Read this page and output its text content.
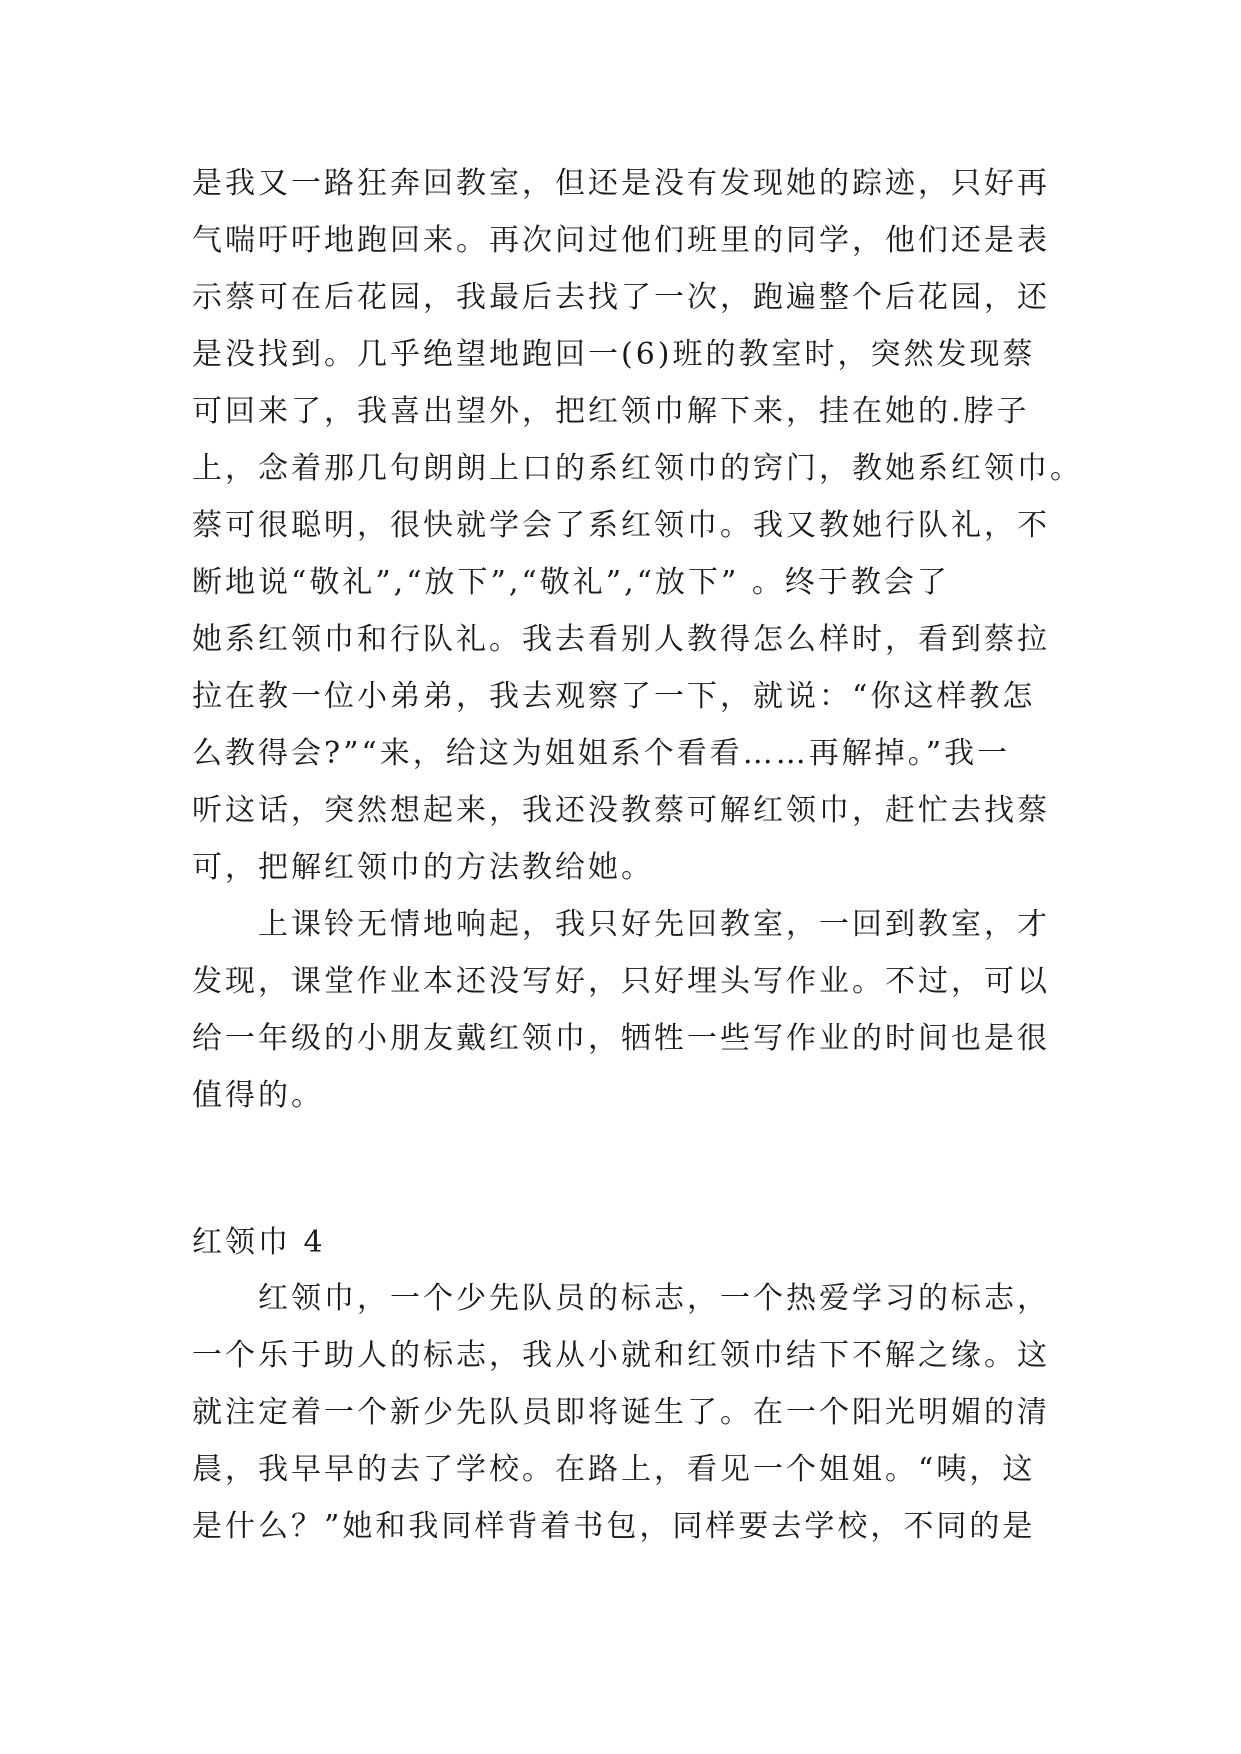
是我又一路狂奔回教室，但还是没有发现她的踪迹，只好再
气喘吁吁地跑回来。再次问过他们班里的同学，他们还是表
示蔡可在后花园，我最后去找了一次，跑遍整个后花园，还
是没找到。几乎绝望地跑回一(6)班的教室时，突然发现蔡
可回来了，我喜出望外，把红领巾解下来，挂在她的.脖子
上，念着那几句朗朗上口的系红领巾的窍门，教她系红领巾。
蔡可很聪明，很快就学会了系红领巾。我又教她行队礼，不
断地说“敬礼”,“放下”,“敬礼”,“放下” 。终于教会了
她系红领巾和行队礼。我去看别人教得怎么样时，看到蔡拉
拉在教一位小弟弟，我去观察了一下，就说：“你这样教怎
么教得会?”“来，给这为姐姐系个看看……再解掉。”我一
听这话，突然想起来，我还没教蔡可解红领巾，赶忙去找蔡
可，把解红领巾的方法教给她。
　　上课铃无情地响起，我只好先回教室，一回到教室，才
发现，课堂作业本还没写好，只好埋头写作业。不过，可以
给一年级的小朋友戴红领巾，牺牲一些写作业的时间也是很
值得的。
红领巾 4
　　红领巾，一个少先队员的标志，一个热爱学习的标志，
一个乐于助人的标志，我从小就和红领巾结下不解之缘。这
就注定着一个新少先队员即将诞生了。在一个阳光明媚的清
晨，我早早的去了学校。在路上，看见一个姐姐。“咦，这
是什么？”她和我同样背着书包，同样要去学校，不同的是
